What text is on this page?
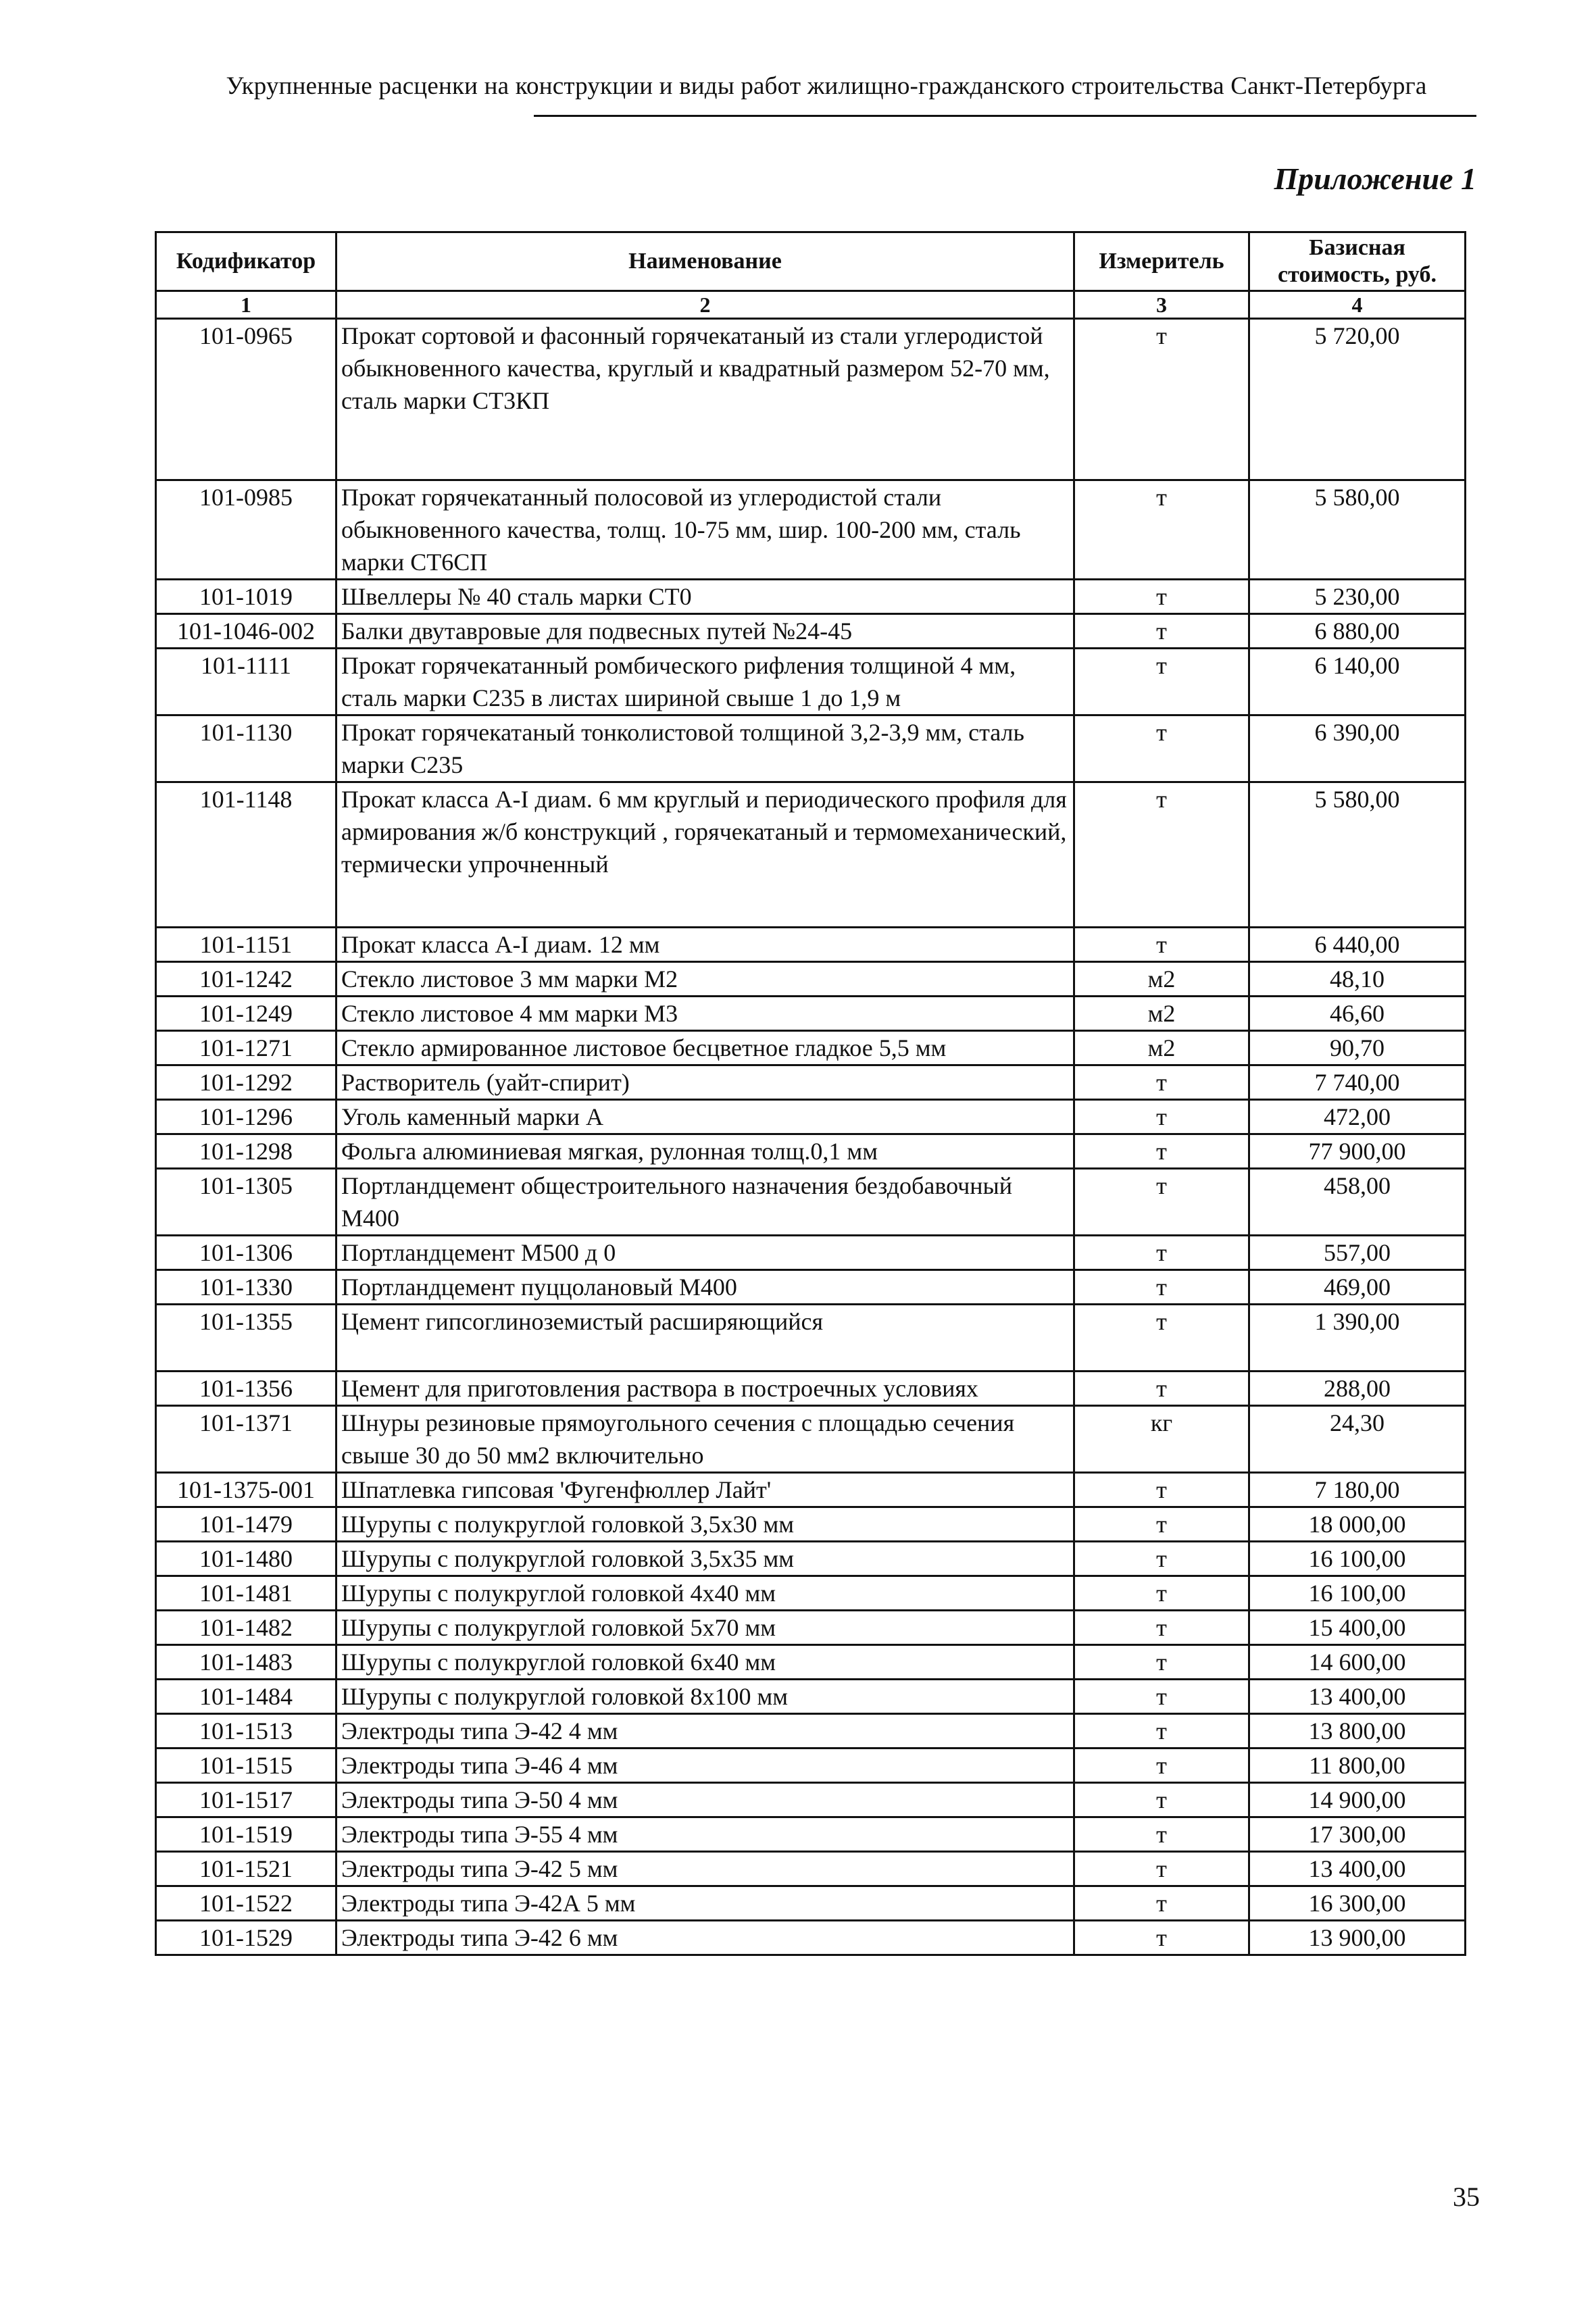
Укрупненные расценки на конструкции и виды работ жилищно-гражданского строительства Санкт-Петербурга
Приложение 1
Кодификатор	Наименование	Измеритель	Базисная стоимость, руб.
1	2	3	4
101-0965	Прокат сортовой и фасонный горячекатаный из стали углеродистой обыкновенного качества, круглый и квадратный размером 52-70 мм, сталь марки СТ3КП	т	5 720,00
101-0985	Прокат горячекатанный полосовой из углеродистой стали обыкновенного качества, толщ. 10-75 мм, шир. 100-200 мм, сталь марки СТ6СП	т	5 580,00
101-1019	Швеллеры № 40 сталь марки СТ0	т	5 230,00
101-1046-002	Балки двутавровые для подвесных путей №24-45	т	6 880,00
101-1111	Прокат горячекатанный ромбического рифления толщиной 4 мм, сталь марки С235 в листах шириной свыше 1 до 1,9 м	т	6 140,00
101-1130	Прокат горячекатаный тонколистовой толщиной 3,2-3,9 мм, сталь марки С235	т	6 390,00
101-1148	Прокат класса А-I диам. 6 мм круглый и периодического профиля для армирования ж/б конструкций , горячекатаный и термомеханический, термически упрочненный	т	5 580,00
101-1151	Прокат класса А-I диам. 12 мм	т	6 440,00
101-1242	Стекло листовое 3 мм марки М2	м2	48,10
101-1249	Стекло листовое 4 мм марки М3	м2	46,60
101-1271	Стекло армированное листовое бесцветное гладкое 5,5 мм	м2	90,70
101-1292	Растворитель (уайт-спирит)	т	7 740,00
101-1296	Уголь каменный марки А	т	472,00
101-1298	Фольга алюминиевая мягкая, рулонная толщ.0,1 мм	т	77 900,00
101-1305	Портландцемент общестроительного назначения бездобавочный М400	т	458,00
101-1306	Портландцемент М500 д 0	т	557,00
101-1330	Портландцемент пуццолановый М400	т	469,00
101-1355	Цемент гипсоглиноземистый расширяющийся	т	1 390,00
101-1356	Цемент для приготовления раствора в построечных условиях	т	288,00
101-1371	Шнуры резиновые прямоугольного сечения с площадью сечения свыше 30 до 50 мм2 включительно	кг	24,30
101-1375-001	Шпатлевка гипсовая 'Фугенфюллер Лайт'	т	7 180,00
101-1479	Шурупы с полукруглой головкой 3,5x30 мм	т	18 000,00
101-1480	Шурупы с полукруглой головкой 3,5x35 мм	т	16 100,00
101-1481	Шурупы с полукруглой головкой 4x40 мм	т	16 100,00
101-1482	Шурупы с полукруглой головкой 5x70 мм	т	15 400,00
101-1483	Шурупы с полукруглой головкой 6x40 мм	т	14 600,00
101-1484	Шурупы с полукруглой головкой 8x100 мм	т	13 400,00
101-1513	Электроды типа Э-42 4 мм	т	13 800,00
101-1515	Электроды типа Э-46 4 мм	т	11 800,00
101-1517	Электроды типа Э-50 4 мм	т	14 900,00
101-1519	Электроды типа Э-55 4 мм	т	17 300,00
101-1521	Электроды типа Э-42 5 мм	т	13 400,00
101-1522	Электроды типа Э-42А 5 мм	т	16 300,00
101-1529	Электроды типа Э-42 6 мм	т	13 900,00
35
